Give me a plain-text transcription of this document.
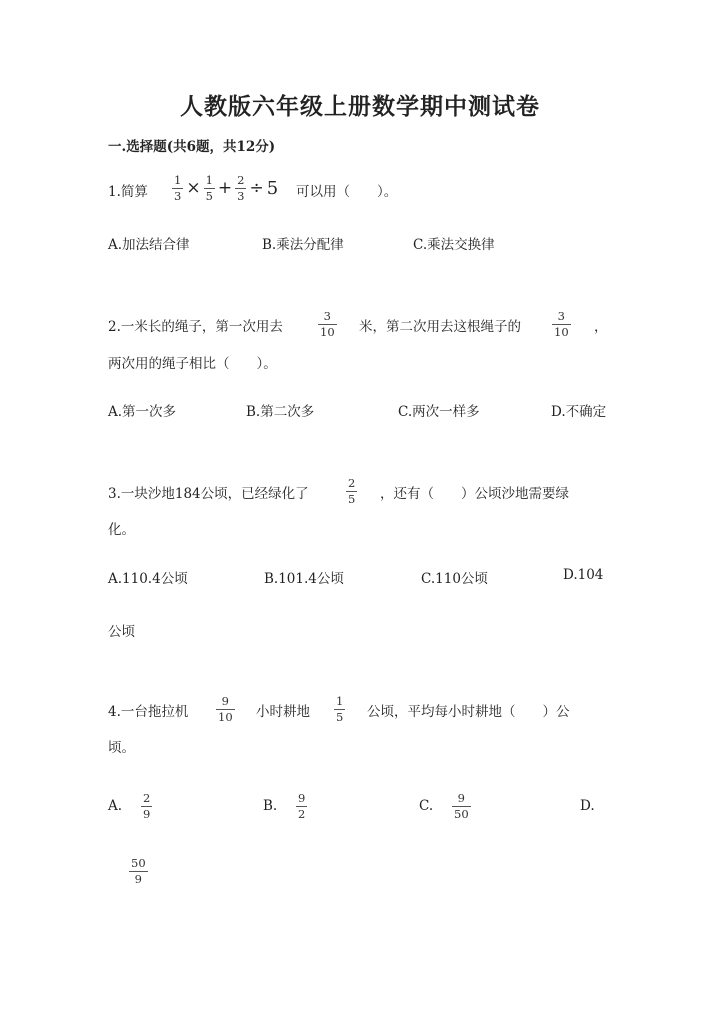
人教版六年级上册数学期中测试卷
一.选择题(共6题，共12分)
1.简算 $\frac{1}{3} \times \frac{1}{5} + \frac{2}{3} \div 5$ 可以用（　　）。
A.加法结合律	B.乘法分配律	C.乘法交换律
2.一米长的绳子，第一次用去
3
10 米，第二次用去这根绳子的
3
10 ，
两次用的绳子相比（　　）。
A.第一次多	B.第二次多	C.两次一样多	D.不确定
3.一块沙地184公顷，已经绿化了
2
5 ，还有（　　）公顷沙地需要绿
化。
A.110.4公顷	B.101.4公顷	C.110公顷	D.104
公顷
4.一台拖拉机
9
10 小时耕地
1
5 公顷，平均每小时耕地（　　）公
顷。
A. 2
9	B. 9
2	C. 9
50	D.
50
9
